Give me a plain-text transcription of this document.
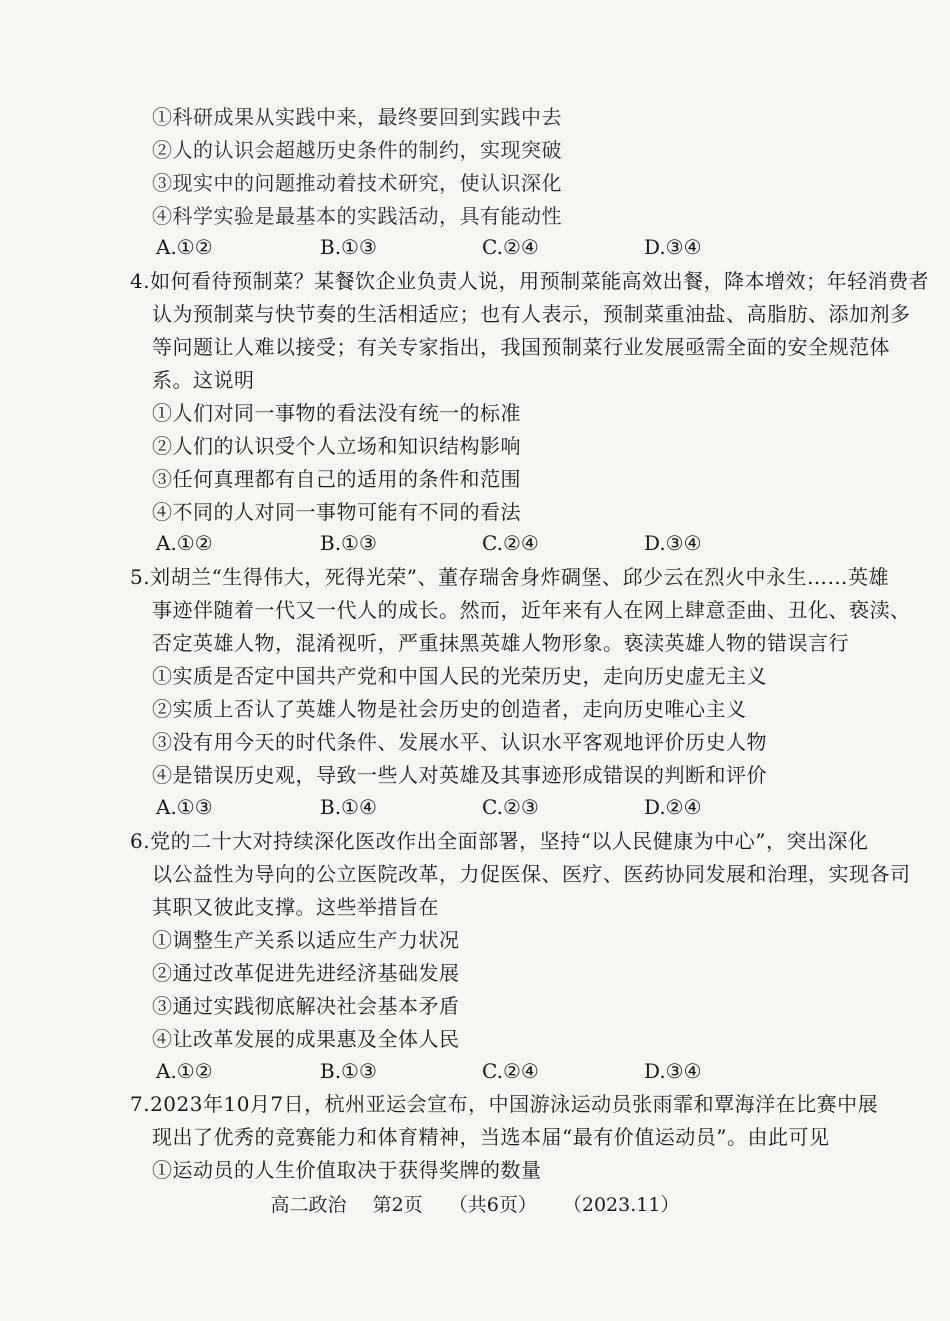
①科研成果从实践中来，最终要回到实践中去
②人的认识会超越历史条件的制约，实现突破
③现实中的问题推动着技术研究，使认识深化
④科学实验是最基本的实践活动，具有能动性
A.①②	B.①③	C.②④	D.③④
4.如何看待预制菜？某餐饮企业负责人说，用预制菜能高效出餐，降本增效；年轻消费者
认为预制菜与快节奏的生活相适应；也有人表示，预制菜重油盐、高脂肪、添加剂多
等问题让人难以接受；有关专家指出，我国预制菜行业发展亟需全面的安全规范体
系。这说明
①人们对同一事物的看法没有统一的标准
②人们的认识受个人立场和知识结构影响
③任何真理都有自己的适用的条件和范围
④不同的人对同一事物可能有不同的看法
A.①②	B.①③	C.②④	D.③④
5.刘胡兰“生得伟大，死得光荣”、董存瑞舍身炸碉堡、邱少云在烈火中永生……英雄
事迹伴随着一代又一代人的成长。然而，近年来有人在网上肆意歪曲、丑化、亵渎、
否定英雄人物，混淆视听，严重抹黑英雄人物形象。亵渎英雄人物的错误言行
①实质是否定中国共产党和中国人民的光荣历史，走向历史虚无主义
②实质上否认了英雄人物是社会历史的创造者，走向历史唯心主义
③没有用今天的时代条件、发展水平、认识水平客观地评价历史人物
④是错误历史观，导致一些人对英雄及其事迹形成错误的判断和评价
A.①③	B.①④	C.②③	D.②④
6.党的二十大对持续深化医改作出全面部署，坚持“以人民健康为中心”，突出深化
以公益性为导向的公立医院改革，力促医保、医疗、医药协同发展和治理，实现各司
其职又彼此支撑。这些举措旨在
①调整生产关系以适应生产力状况
②通过改革促进先进经济基础发展
③通过实践彻底解决社会基本矛盾
④让改革发展的成果惠及全体人民
A.①②	B.①③	C.②④	D.③④
7.2023年10月7日，杭州亚运会宣布，中国游泳运动员张雨霏和覃海洋在比赛中展
现出了优秀的竞赛能力和体育精神，当选本届“最有价值运动员”。由此可见
①运动员的人生价值取决于获得奖牌的数量
高二政治 第2页 （共6页） （2023.11）
